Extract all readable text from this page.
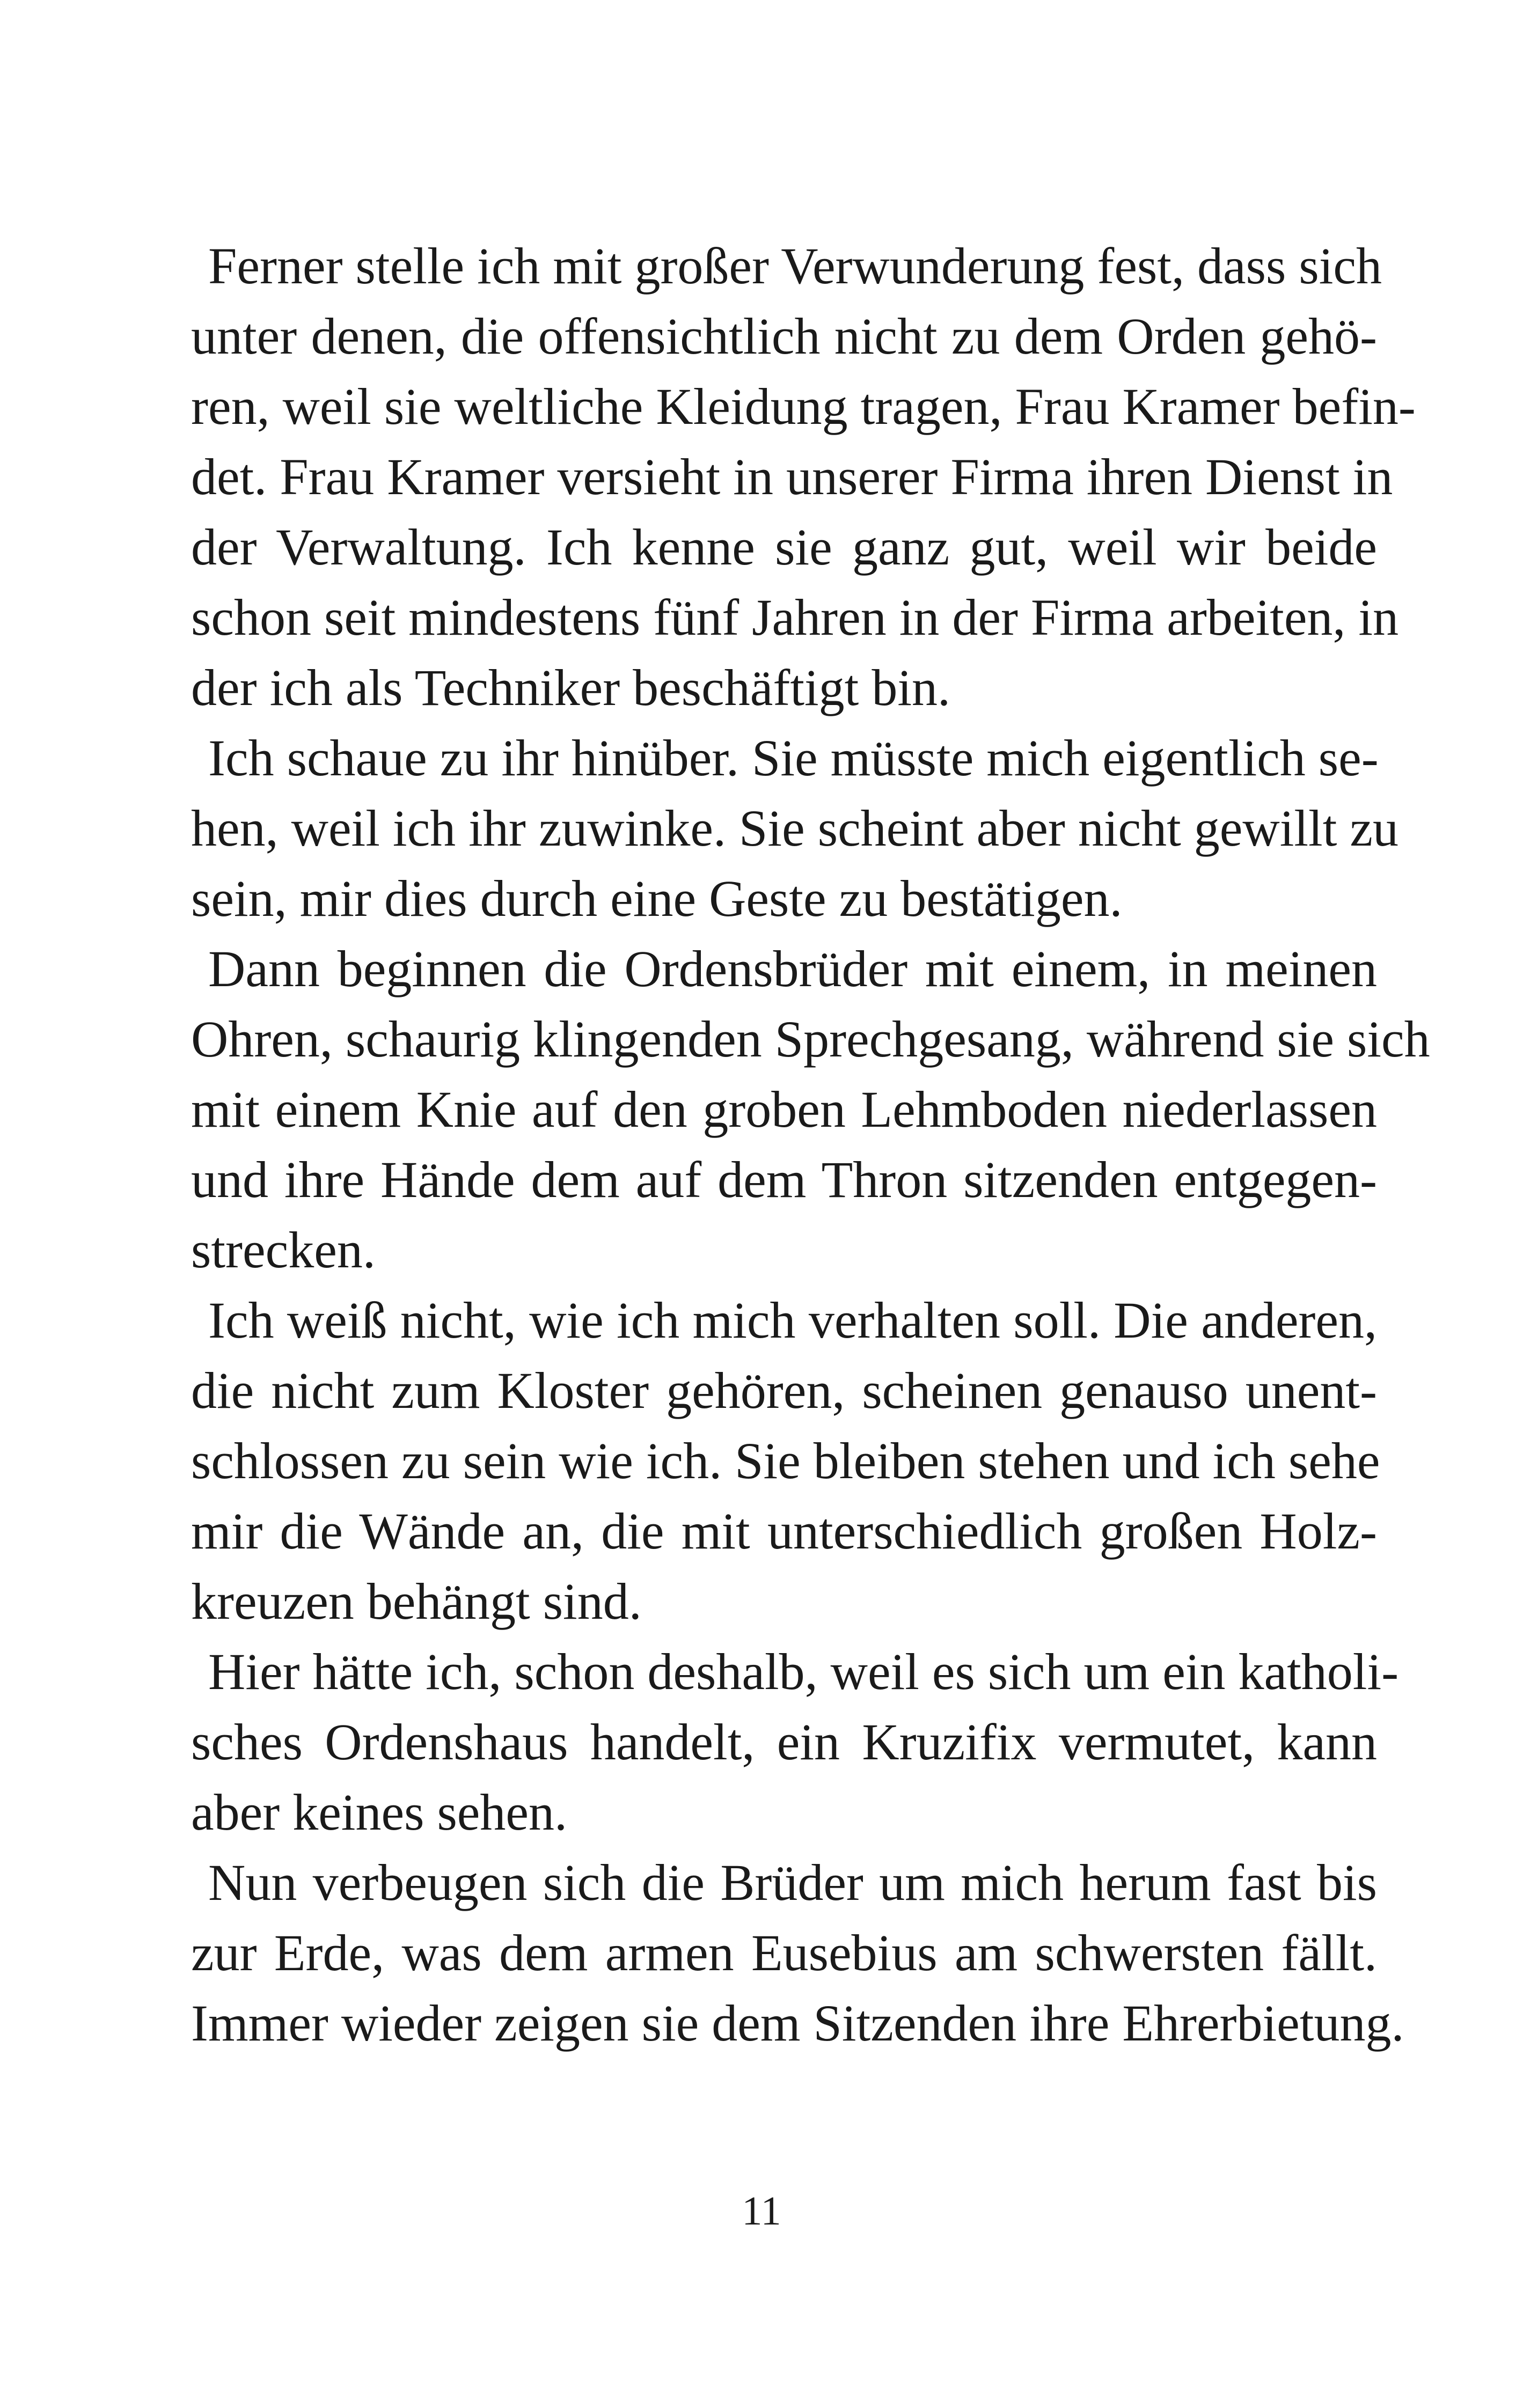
Ferner stelle ich mit großer Verwunderung fest, dass sich
unter denen, die offensichtlich nicht zu dem Orden gehö-
ren, weil sie weltliche Kleidung tragen, Frau Kramer befin-
det. Frau Kramer versieht in unserer Firma ihren Dienst in
der Verwaltung. Ich kenne sie ganz gut, weil wir beide
schon seit mindestens fünf Jahren in der Firma arbeiten, in
der ich als Techniker beschäftigt bin.
Ich schaue zu ihr hinüber. Sie müsste mich eigentlich se-
hen, weil ich ihr zuwinke. Sie scheint aber nicht gewillt zu
sein, mir dies durch eine Geste zu bestätigen.
Dann beginnen die Ordensbrüder mit einem, in meinen
Ohren, schaurig klingenden Sprechgesang, während sie sich
mit einem Knie auf den groben Lehmboden niederlassen
und ihre Hände dem auf dem Thron sitzenden entgegen-
strecken.
Ich weiß nicht, wie ich mich verhalten soll. Die anderen,
die nicht zum Kloster gehören, scheinen genauso unent-
schlossen zu sein wie ich. Sie bleiben stehen und ich sehe
mir die Wände an, die mit unterschiedlich großen Holz-
kreuzen behängt sind.
Hier hätte ich, schon deshalb, weil es sich um ein katholi-
sches Ordenshaus handelt, ein Kruzifix vermutet, kann
aber keines sehen.
Nun verbeugen sich die Brüder um mich herum fast bis
zur Erde, was dem armen Eusebius am schwersten fällt.
Immer wieder zeigen sie dem Sitzenden ihre Ehrerbietung.
11
